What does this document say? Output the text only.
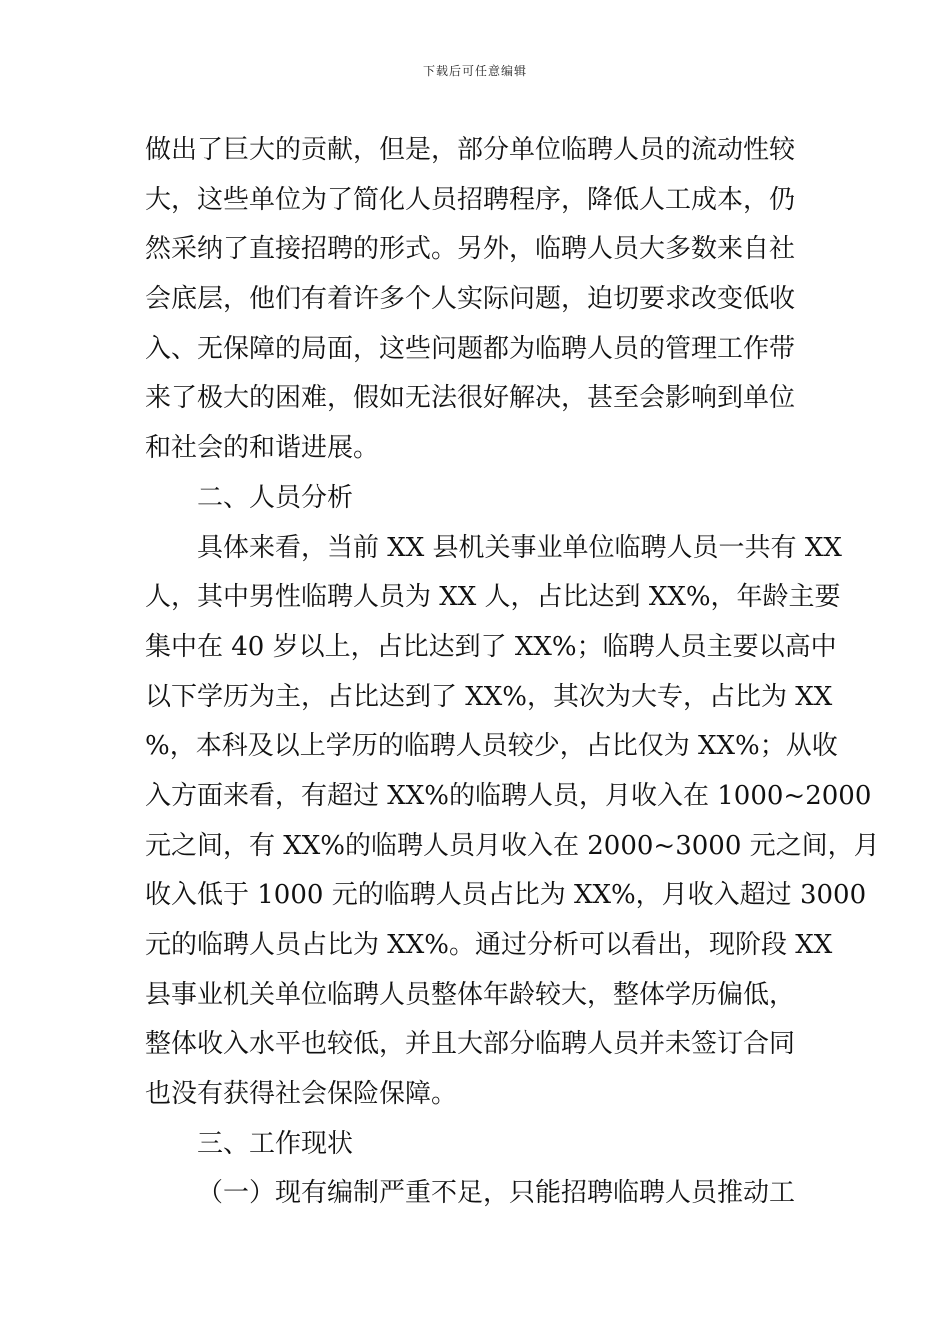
下载后可任意编辑
做出了巨大的贡献，但是，部分单位临聘人员的流动性较
大，这些单位为了简化人员招聘程序，降低人工成本，仍
然采纳了直接招聘的形式。另外，临聘人员大多数来自社
会底层，他们有着许多个人实际问题，迫切要求改变低收
入、无保障的局面，这些问题都为临聘人员的管理工作带
来了极大的困难，假如无法很好解决，甚至会影响到单位
和社会的和谐进展。
二、人员分析
具体来看，当前 XX 县机关事业单位临聘人员一共有 XX
人，其中男性临聘人员为 XX 人，占比达到 XX%，年龄主要
集中在 40 岁以上，占比达到了 XX%；临聘人员主要以高中
以下学历为主，占比达到了 XX%，其次为大专，占比为 XX
%，本科及以上学历的临聘人员较少，占比仅为 XX%；从收
入方面来看，有超过 XX%的临聘人员，月收入在 1000~2000
元之间，有 XX%的临聘人员月收入在 2000~3000 元之间，月
收入低于 1000 元的临聘人员占比为 XX%，月收入超过 3000
元的临聘人员占比为 XX%。通过分析可以看出，现阶段 XX
县事业机关单位临聘人员整体年龄较大，整体学历偏低，
整体收入水平也较低，并且大部分临聘人员并未签订合同
也没有获得社会保险保障。
三、工作现状
（一）现有编制严重不足，只能招聘临聘人员推动工
